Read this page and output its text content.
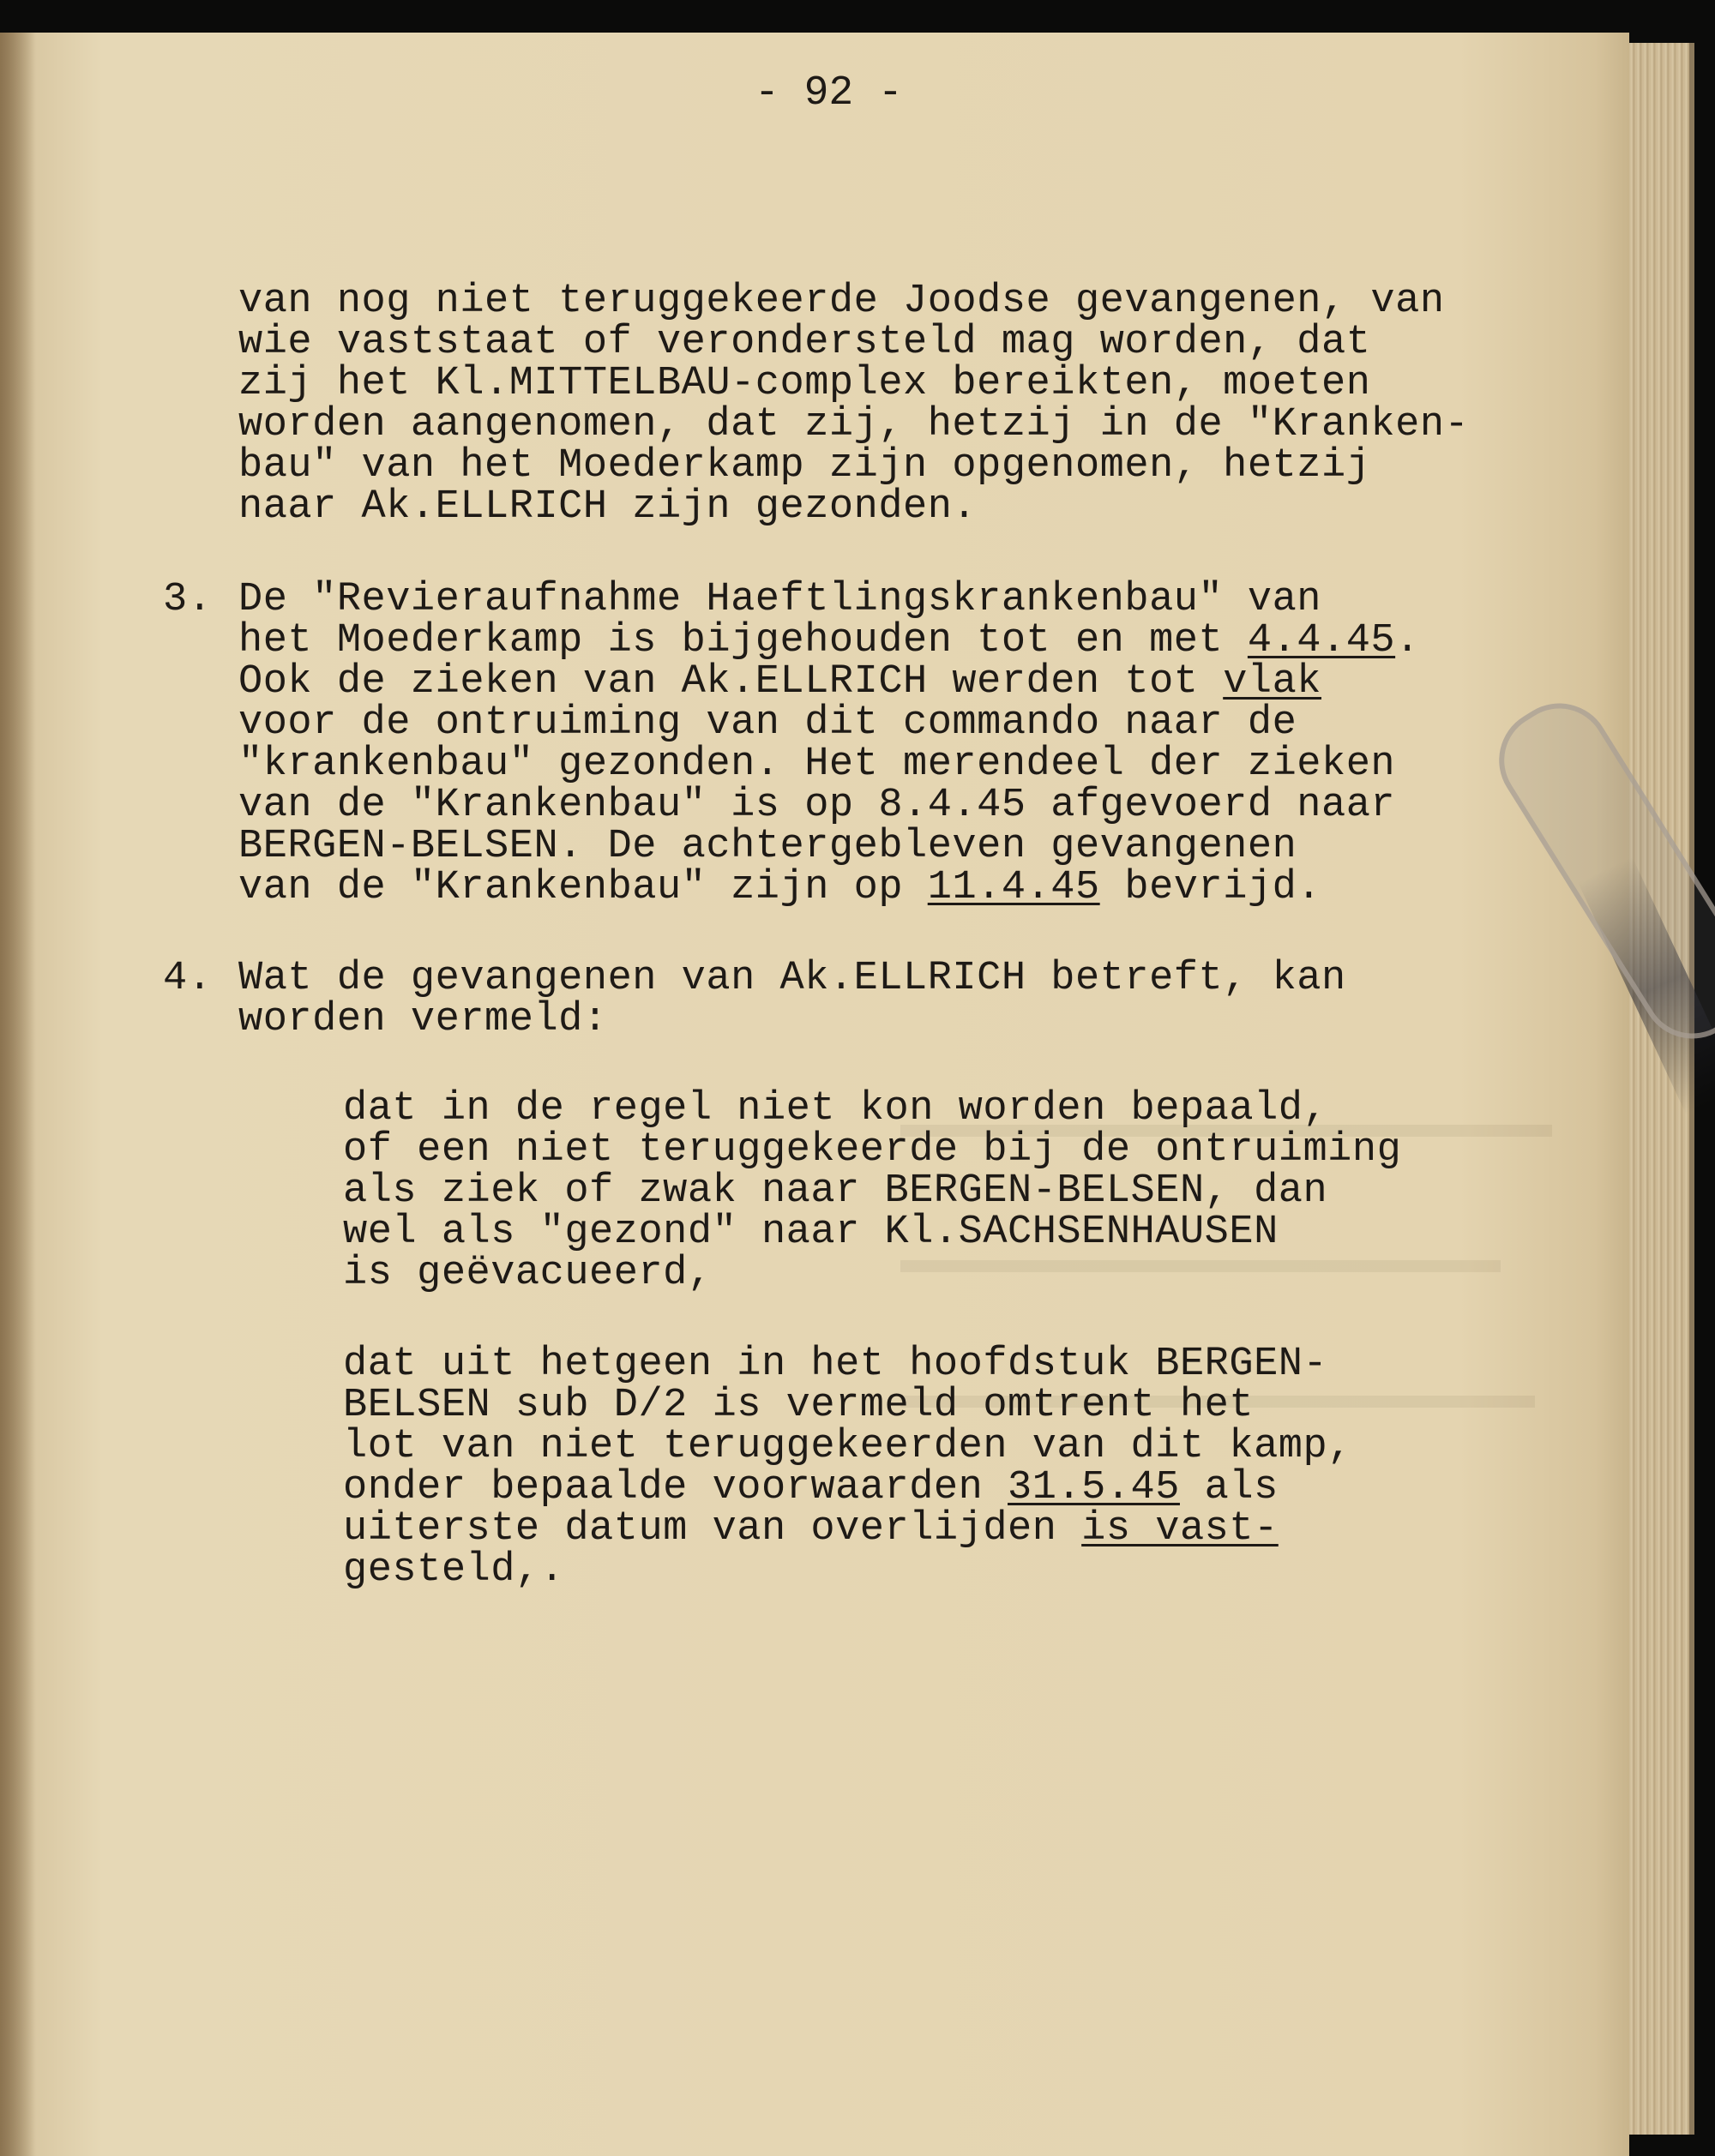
- 92 -
van nog niet teruggekeerde Joodse gevangenen, van
wie vaststaat of verondersteld mag worden, dat
zij het Kl.MITTELBAU-complex bereikten, moeten
worden aangenomen, dat zij, hetzij in de "Kranken-
bau" van het Moederkamp zijn opgenomen, hetzij
naar Ak.ELLRICH zijn gezonden.
3. De "Revieraufnahme Haeftlingskrankenbau" van
het Moederkamp is bijgehouden tot en met 4.4.45.
Ook de zieken van Ak.ELLRICH werden tot vlak
voor de ontruiming van dit commando naar de
"krankenbau" gezonden. Het merendeel der zieken
van de "Krankenbau" is op 8.4.45 afgevoerd naar
BERGEN-BELSEN. De achtergebleven gevangenen
van de "Krankenbau" zijn op 11.4.45 bevrijd.
4. Wat de gevangenen van Ak.ELLRICH betreft, kan
worden vermeld:
dat in de regel niet kon worden bepaald,
of een niet teruggekeerde bij de ontruiming
als ziek of zwak naar BERGEN-BELSEN, dan
wel als "gezond" naar Kl.SACHSENHAUSEN
is geëvacueerd,
dat uit hetgeen in het hoofdstuk BERGEN-
BELSEN sub D/2 is vermeld omtrent het
lot van niet teruggekeerden van dit kamp,
onder bepaalde voorwaarden 31.5.45 als
uiterste datum van overlijden is vast-
gesteld,.
